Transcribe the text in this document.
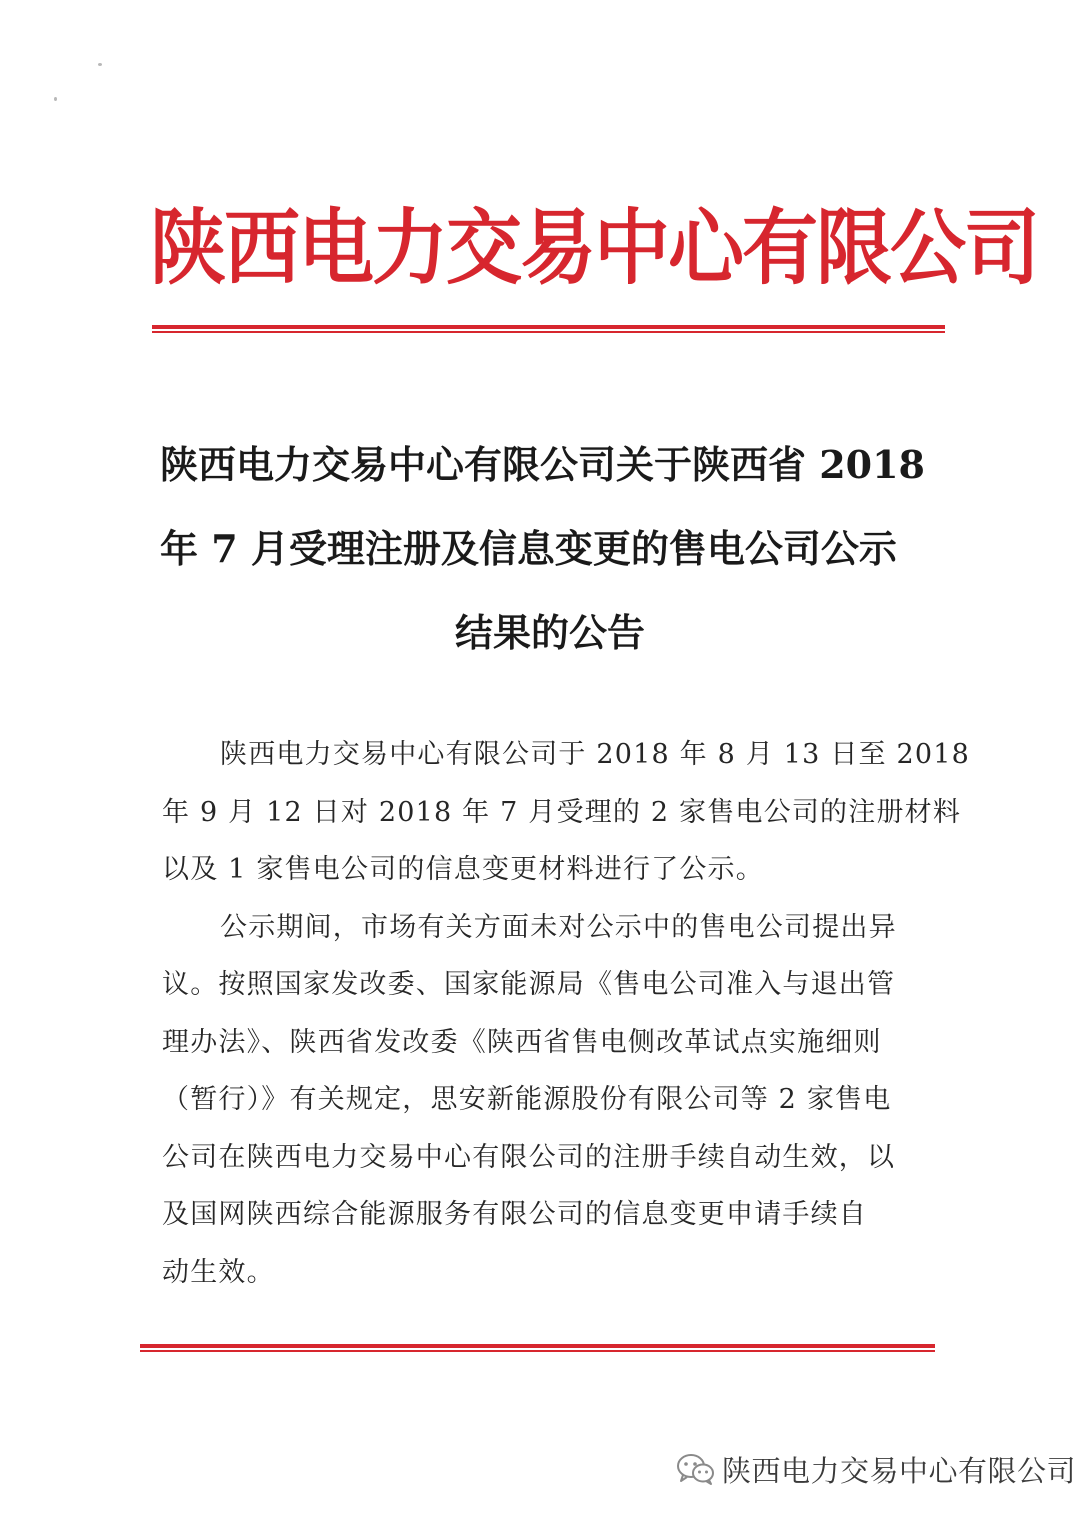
陕西电力交易中心有限公司
陕西电力交易中心有限公司关于陕西省 2018
年 7 月受理注册及信息变更的售电公司公示
结果的公告
陕西电力交易中心有限公司于 2018 年 8 月 13 日至 2018
年 9 月 12 日对 2018 年 7 月受理的 2 家售电公司的注册材料
以及 1 家售电公司的信息变更材料进行了公示。
公示期间，市场有关方面未对公示中的售电公司提出异
议。按照国家发改委、国家能源局《售电公司准入与退出管
理办法》、陕西省发改委《陕西省售电侧改革试点实施细则
（暂行）》有关规定，思安新能源股份有限公司等 2 家售电
公司在陕西电力交易中心有限公司的注册手续自动生效，以
及国网陕西综合能源服务有限公司的信息变更申请手续自
动生效。
陕西电力交易中心有限公司
